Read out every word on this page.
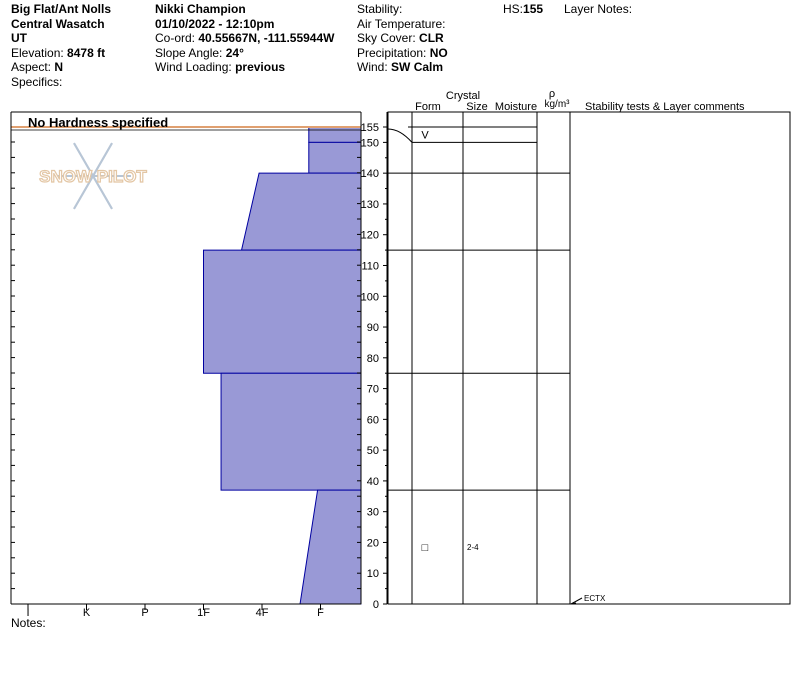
Big Flat/Ant Nolls
Central Wasatch
UT
Elevation: 8478 ft
Aspect: N
Specifics:
Nikki Champion
01/10/2022 - 12:10pm
Co-ord: 40.55667N, -111.55944W
Slope Angle: 24°
Wind Loading: previous
Stability:
Air Temperature:
Sky Cover: CLR
Precipitation: NO
Wind: SW Calm
HS:155 Layer Notes:
SNOW PILOT
No Hardness specified
I	K	P	1F	4F	F
0
10
20
30
40
50
60
70
80
90
100
110
120
130
140
150
155
Crystal
Form Size Moisture
ρ
kg/m³ Stability tests & Layer comments
V
□	2-4
ECTX
Notes:
